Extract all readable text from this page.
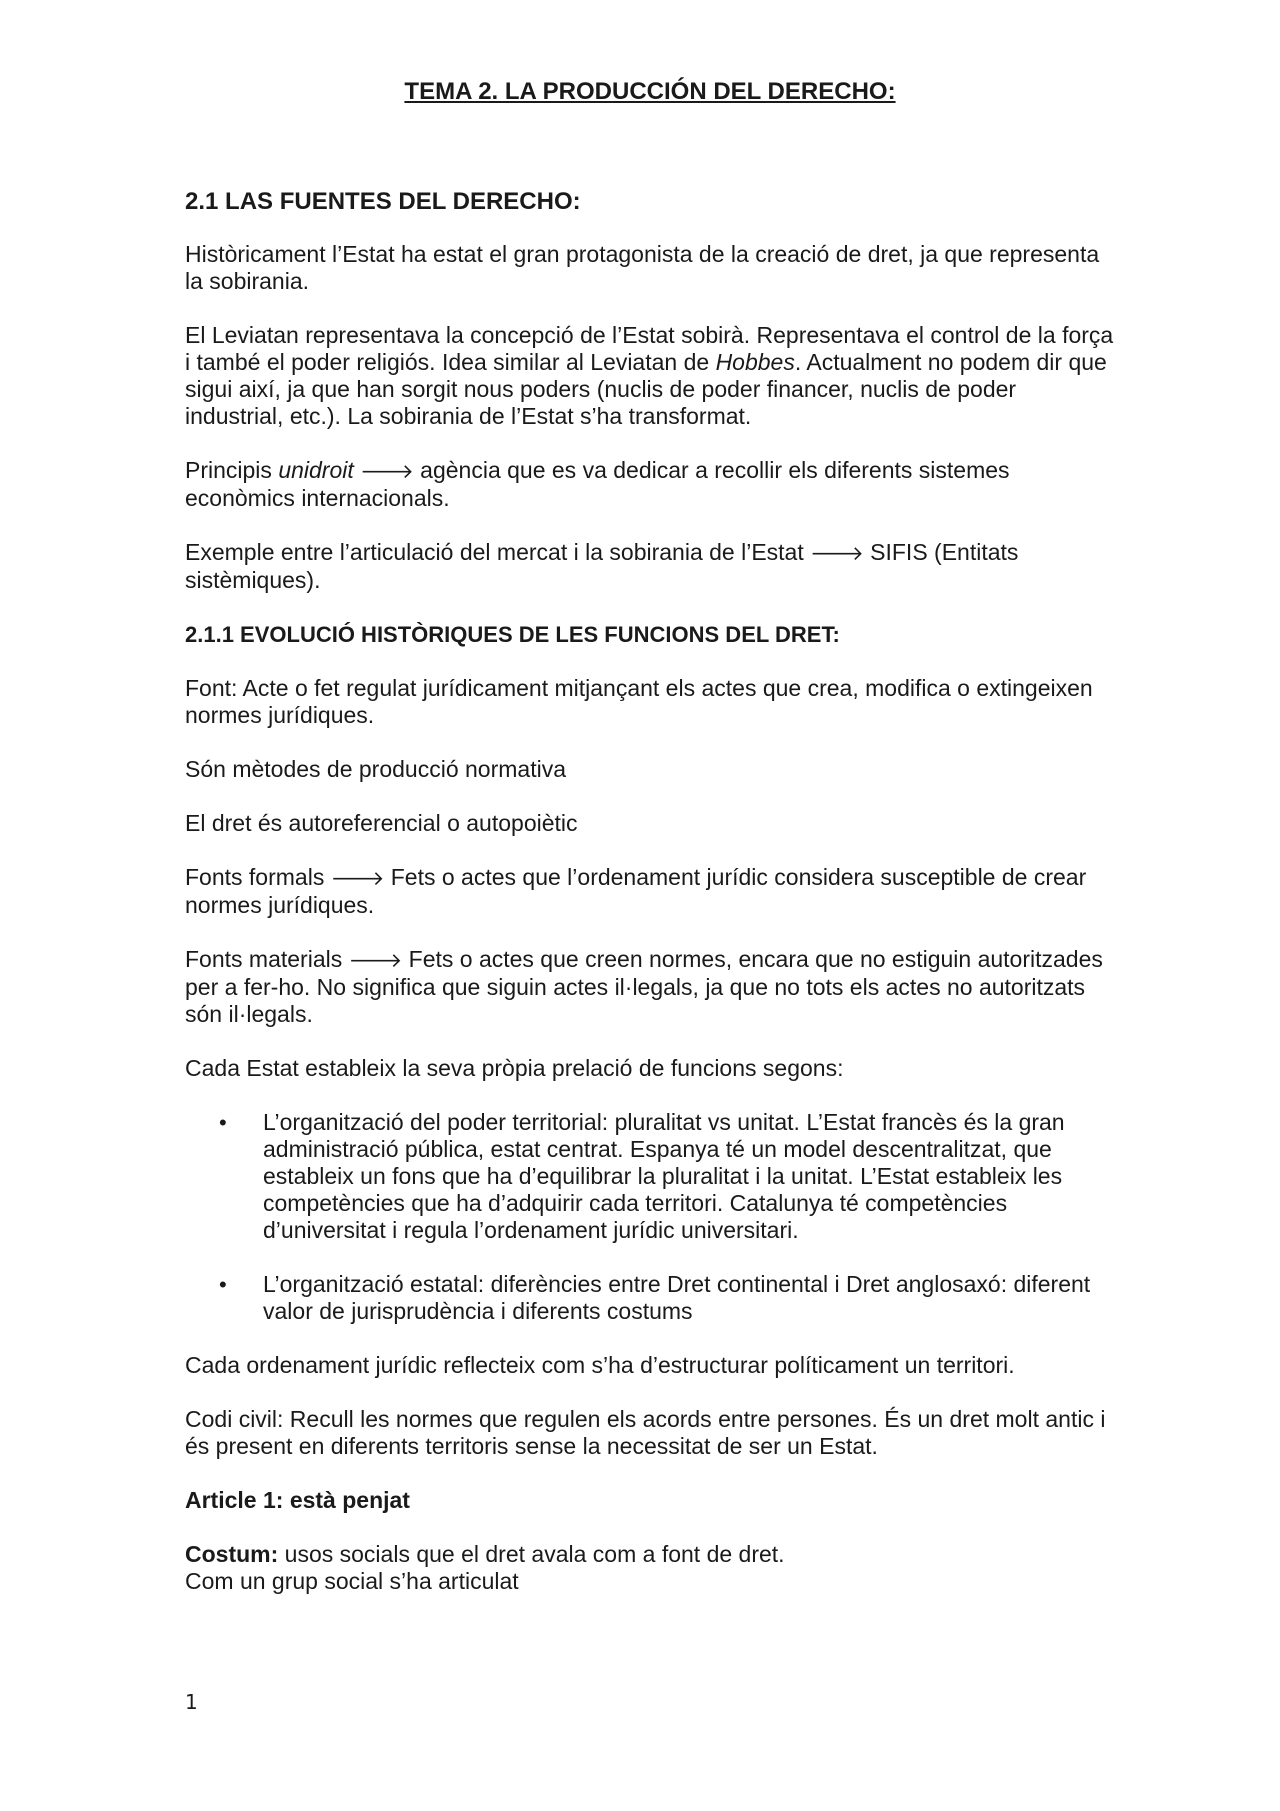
TEMA 2. LA PRODUCCIÓN DEL DERECHO:
2.1 LAS FUENTES DEL DERECHO:

Històricament l’Estat ha estat el gran protagonista de la creació de dret, ja que representa la sobirania.

El Leviatan representava la concepció de l’Estat sobirà. Representava el control de la força i també el poder religiós. Idea similar al Leviatan de Hobbes. Actualment no podem dir que sigui així, ja que han sorgit nous poders (nuclis de poder financer, nuclis de poder industrial, etc.). La sobirania de l’Estat s’ha transformat.

Principis unidroit 🡒 agència que es va dedicar a recollir els diferents sistemes econòmics internacionals.

Exemple entre l’articulació del mercat i la sobirania de l’Estat 🡒 SIFIS (Entitats sistèmiques).

2.1.1 EVOLUCIÓ HISTÒRIQUES DE LES FUNCIONS DEL DRET:

Font: Acte o fet regulat jurídicament mitjançant els actes que crea, modifica o extingeixen normes jurídiques.

Són mètodes de producció normativa

El dret és autoreferencial o autopoiètic

Fonts formals 🡒 Fets o actes que l’ordenament jurídic considera susceptible de crear normes jurídiques.

Fonts materials 🡒 Fets o actes que creen normes, encara que no estiguin autoritzades per a fer-ho. No significa que siguin actes il·legals, ja que no tots els actes no autoritzats són il·legals.

Cada Estat estableix la seva pròpia prelació de funcions segons:

• L’organització del poder territorial: pluralitat vs unitat. L’Estat francès és la gran administració pública, estat centrat. Espanya té un model descentralitzat, que estableix un fons que ha d’equilibrar la pluralitat i la unitat. L’Estat estableix les competències que ha d’adquirir cada territori. Catalunya té competències d’universitat i regula l’ordenament jurídic universitari.
• L’organització estatal: diferències entre Dret continental i Dret anglosaxó: diferent valor de jurisprudència i diferents costums

Cada ordenament jurídic reflecteix com s’ha d’estructurar políticament un territori.

Codi civil: Recull les normes que regulen els acords entre persones. És un dret molt antic i és present en diferents territoris sense la necessitat de ser un Estat.

Article 1: està penjat

Costum: usos socials que el dret avala com a font de dret.

Com un grup social s’ha articulat

1
